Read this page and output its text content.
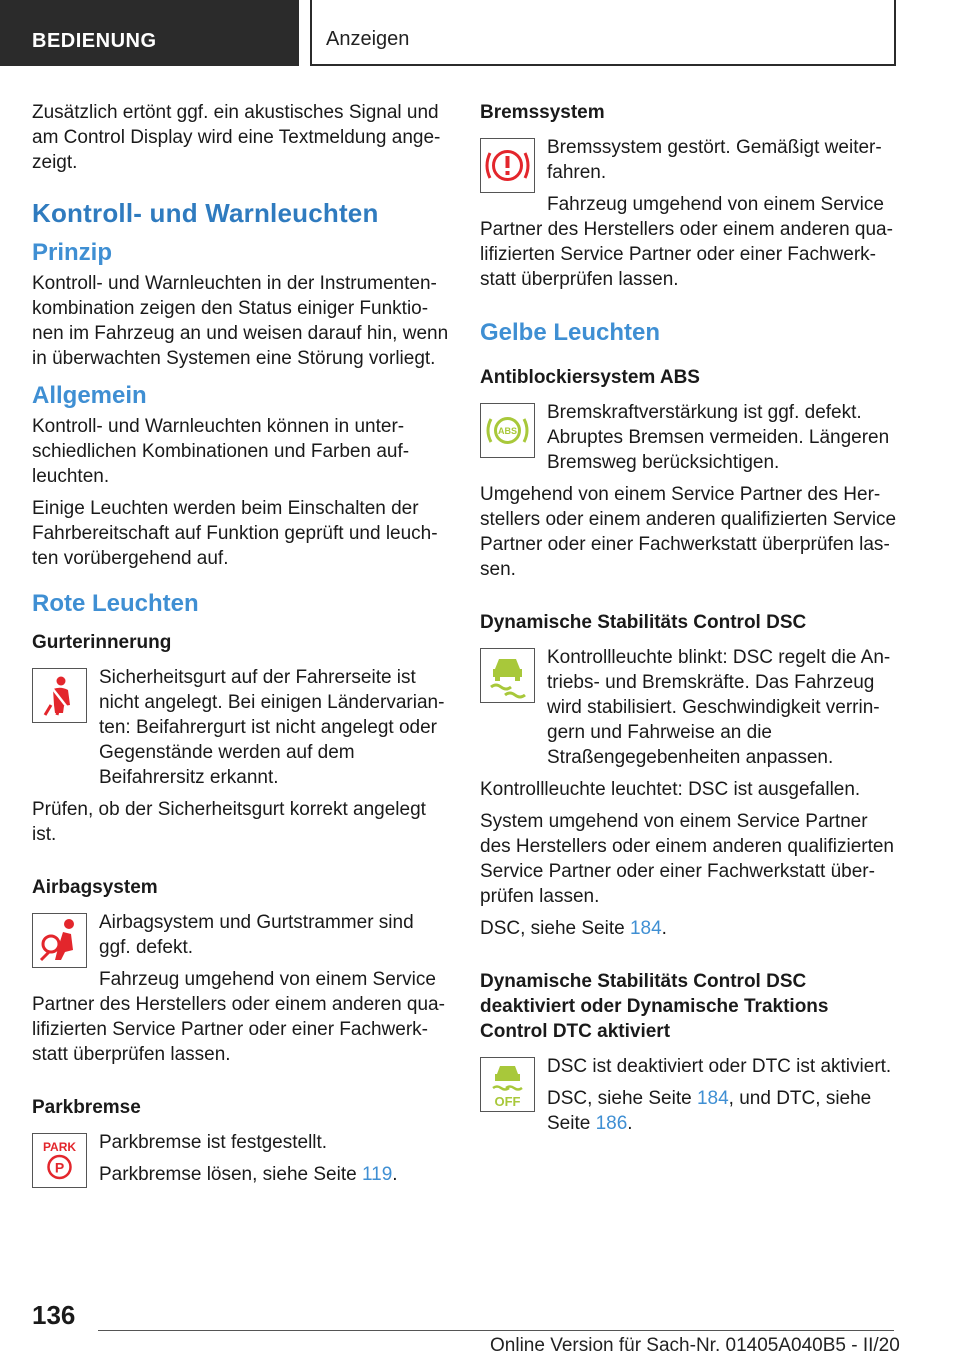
BEDIENUNG	Anzeigen

Zusätzlich ertönt ggf. ein akustisches Signal und am Control Display wird eine Textmeldung angezeigt.

Kontroll- und Warnleuchten
Prinzip

Kontroll- und Warnleuchten in der Instrumentenkombination zeigen den Status einiger Funktionen im Fahrzeug an und weisen darauf hin, wenn in überwachten Systemen eine Störung vorliegt.

Allgemein

Kontroll- und Warnleuchten können in unterschiedlichen Kombinationen und Farben aufleuchten.

Einige Leuchten werden beim Einschalten der Fahrbereitschaft auf Funktion geprüft und leuchten vorübergehend auf.

Rote Leuchten
Gurterinnerung

Sicherheitsgurt auf der Fahrerseite ist nicht angelegt. Bei einigen Ländervarianten: Beifahrergurt ist nicht angelegt oder Gegenstände werden auf dem Beifahrersitz erkannt.

Prüfen, ob der Sicherheitsgurt korrekt angelegt ist.

Airbagsystem

Airbagsystem und Gurtstrammer sind ggf. defekt.

Fahrzeug umgehend von einem Service Partner des Herstellers oder einem anderen qualifizierten Service Partner oder einer Fachwerkstatt überprüfen lassen.

Parkbremse
PARK
P

Parkbremse ist festgestellt.

Parkbremse lösen, siehe Seite 119.

Bremssystem

Bremssystem gestört. Gemäßigt weiterfahren.

Fahrzeug umgehend von einem Service Partner des Herstellers oder einem anderen qualifizierten Service Partner oder einer Fachwerkstatt überprüfen lassen.

Gelbe Leuchten
Antiblockiersystem ABS
ABS

Bremskraftverstärkung ist ggf. defekt. Abruptes Bremsen vermeiden. Längeren Bremsweg berücksichtigen.

Umgehend von einem Service Partner des Herstellers oder einem anderen qualifizierten Service Partner oder einer Fachwerkstatt überprüfen lassen.

Dynamische Stabilitäts Control DSC

Kontrollleuchte blinkt: DSC regelt die Antriebs- und Bremskräfte. Das Fahrzeug wird stabilisiert. Geschwindigkeit verringern und Fahrweise an die Straßengegebenheiten anpassen.

Kontrollleuchte leuchtet: DSC ist ausgefallen.

System umgehend von einem Service Partner des Herstellers oder einem anderen qualifizierten Service Partner oder einer Fachwerkstatt überprüfen lassen.

DSC, siehe Seite 184.

Dynamische Stabilitäts Control DSC deaktiviert oder Dynamische Traktions Control DTC aktiviert
OFF

DSC ist deaktiviert oder DTC ist aktiviert.

DSC, siehe Seite 184, und DTC, siehe Seite 186.

136
Online Version für Sach-Nr. 01405A040B5 - II/20
